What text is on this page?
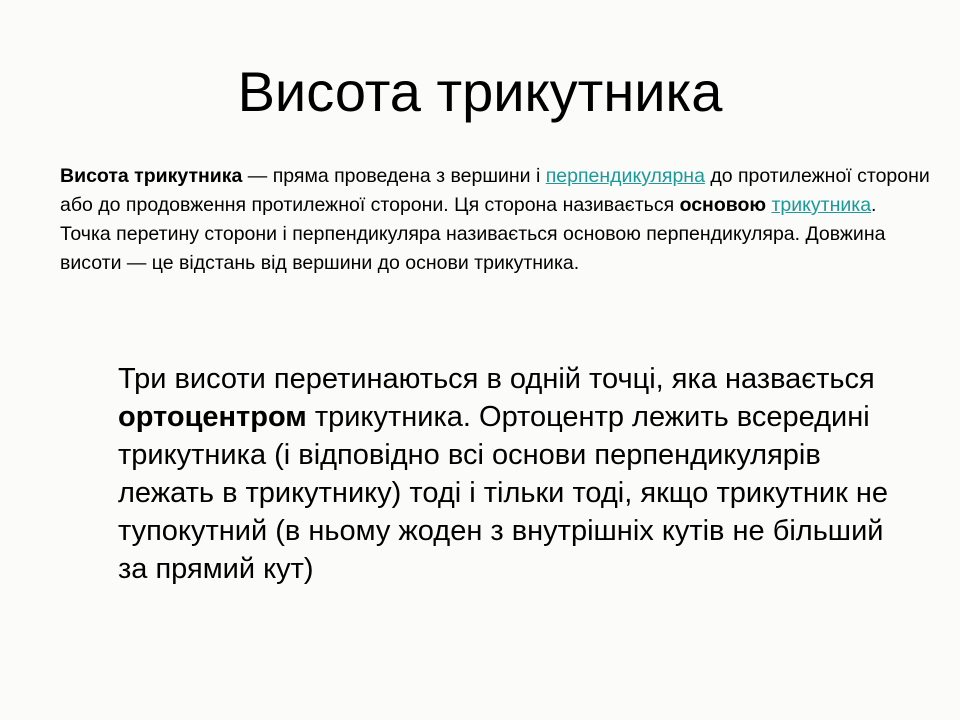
Висота трикутника

Висота трикутника — пряма проведена з вершини і перпендикулярна до протилежної сторони або до продовження протилежної сторони. Ця сторона називається основою трикутника. Точка перетину сторони і перпендикуляра називається основою перпендикуляра. Довжина висоти — це відстань від вершини до основи трикутника.

Три висоти перетинаються в одній точці, яка назвається ортоцентром трикутника. Ортоцентр лежить всередині трикутника (і відповідно всі основи перпендикулярів лежать в трикутнику) тоді і тільки тоді, якщо трикутник не тупокутний (в ньому жоден з внутрішніх кутів не більший за прямий кут)
